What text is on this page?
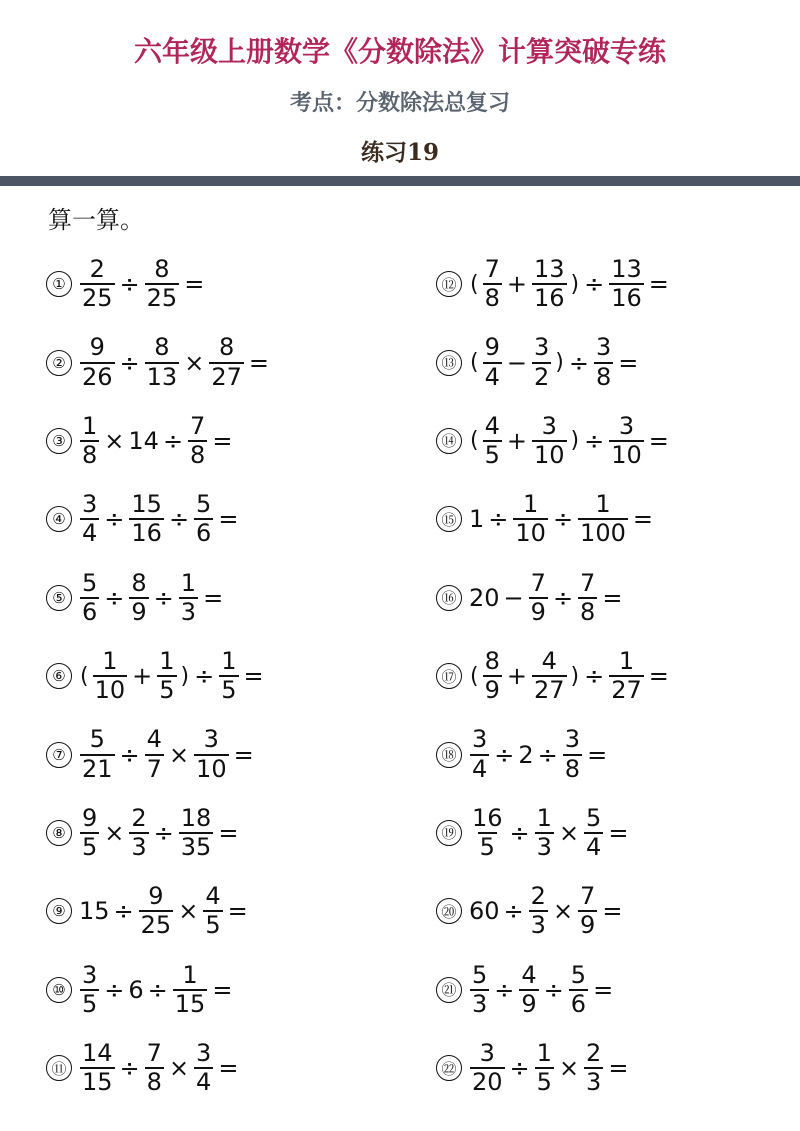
六年级上册数学《分数除法》计算突破专练
考点：分数除法总复习
练习19
算一算。
① $\frac{2}{25} \div \frac{8}{25}$ =
② $\frac{9}{26} \div \frac{8}{13} \times \frac{8}{27}$ =
③ $\frac{1}{8} \times 14 \div \frac{7}{8}$ =
④ $\frac{3}{4} \div \frac{15}{16} \div \frac{5}{6}$ =
⑤ $\frac{5}{6} \div \frac{8}{9} \div \frac{1}{3}$ =
⑥ ( $\frac{1}{10} + \frac{1}{5}$ ) ÷ $\frac{1}{5}$ =
⑦ $\frac{5}{21} \div \frac{4}{7} \times \frac{3}{10}$ =
⑧ $\frac{9}{5} \times \frac{2}{3} \div \frac{18}{35}$ =
⑨ $15 \div \frac{9}{25} \times \frac{4}{5}$ =
⑩ $\frac{3}{5} \div 6 \div \frac{1}{15}$ =
⑪ $\frac{14}{15} \div \frac{7}{8} \times \frac{3}{4}$ =
⑫ ( $\frac{7}{8} + \frac{13}{16}$ ) ÷ $\frac{13}{16}$ =
⑬ ( $\frac{9}{4} - \frac{3}{2}$ ) ÷ $\frac{3}{8}$ =
⑭ ( $\frac{4}{5} + \frac{3}{10}$ ) ÷ $\frac{3}{10}$ =
⑮ $1 \div \frac{1}{10} \div \frac{1}{100}$ =
⑯ $20 - \frac{7}{9} \div \frac{7}{8}$ =
⑰ ( $\frac{8}{9} + \frac{4}{27}$ ) ÷ $\frac{1}{27}$ =
⑱ $\frac{3}{4} \div 2 \div \frac{3}{8}$ =
⑲ $\frac{16}{5} \div \frac{1}{3} \times \frac{5}{4}$ =
⑳ $60 \div \frac{2}{3} \times \frac{7}{9}$ =
㉑ $\frac{5}{3} \div \frac{4}{9} \div \frac{5}{6}$ =
㉒ $\frac{3}{20} \div \frac{1}{5} \times \frac{2}{3}$ =
